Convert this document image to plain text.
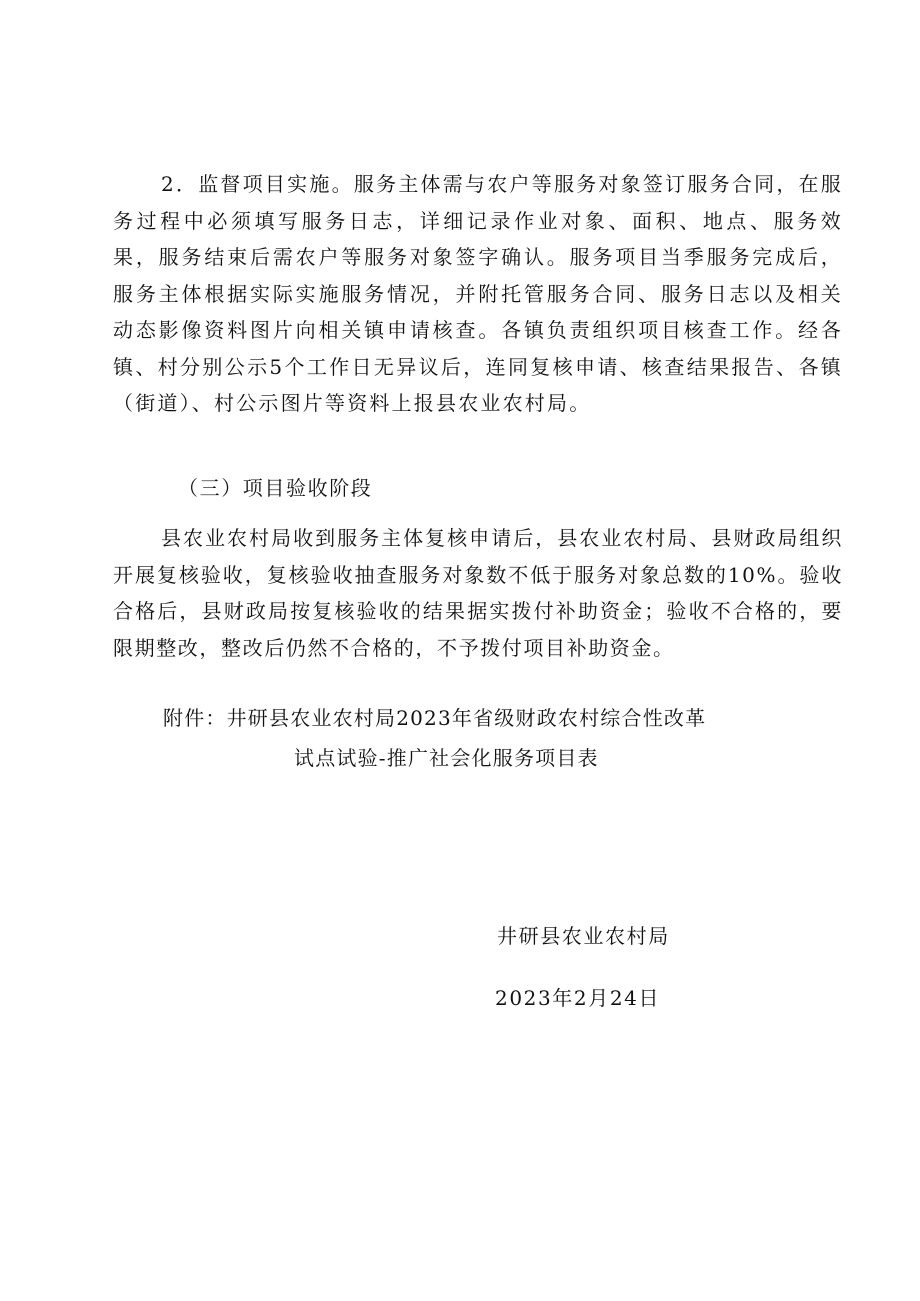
2．监督项目实施。服务主体需与农户等服务对象签订服务合同，在服务过程中必须填写服务日志，详细记录作业对象、面积、地点、服务效果，服务结束后需农户等服务对象签字确认。服务项目当季服务完成后，服务主体根据实际实施服务情况，并附托管服务合同、服务日志以及相关动态影像资料图片向相关镇申请核查。各镇负责组织项目核查工作。经各镇、村分别公示5个工作日无异议后，连同复核申请、核查结果报告、各镇（街道）、村公示图片等资料上报县农业农村局。

（三）项目验收阶段

县农业农村局收到服务主体复核申请后，县农业农村局、县财政局组织开展复核验收，复核验收抽查服务对象数不低于服务对象总数的10%。验收合格后，县财政局按复核验收的结果据实拨付补助资金；验收不合格的，要限期整改，整改后仍然不合格的，不予拨付项目补助资金。

附件：井研县农业农村局2023年省级财政农村综合性改革

试点试验-推广社会化服务项目表

井研县农业农村局

2023年2月24日
